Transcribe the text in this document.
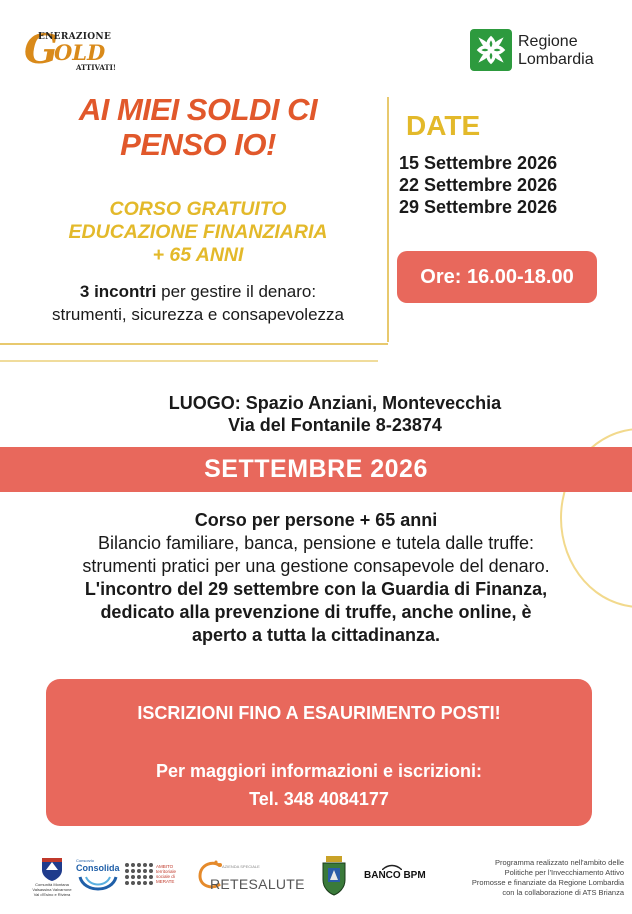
G
ENERAZIONE
OLD
ATTIVATI!
Regione
Lombardia
AI MIEI SOLDI CI
PENSO IO!
CORSO GRATUITO
EDUCAZIONE FINANZIARIA
+ 65 ANNI
3 incontri per gestire il denaro:
strumenti, sicurezza e consapevolezza
DATE
15 Settembre 2026
22 Settembre 2026
29 Settembre 2026
Ore: 16.00-18.00
LUOGO: Spazio Anziani, Montevecchia
Via del Fontanile 8-23874
SETTEMBRE 2026
Corso per persone + 65 anni
Bilancio familiare, banca, pensione e tutela dalle truffe:
strumenti pratici per una gestione consapevole del denaro.
L'incontro del 29 settembre con la Guardia di Finanza,
dedicato alla prevenzione di truffe, anche online, è
aperto a tutta la cittadinanza.
ISCRIZIONI FINO A ESAURIMENTO POSTI!
Per maggiori informazioni e iscrizioni:
Tel. 348 4084177
Comunità Montana
Valsassina Valvarrone
Val d'Esino e Riviera
Consorzio
Consolida	AMBITO
territoriale
sociale di
MERATE
AZIENDA SPECIALE
RETESALUTE
BANCO BPM
Programma realizzato nell'ambito delle
Politiche per l'Invecchiamento Attivo
Promosse e finanziate da Regione Lombardia
con la collaborazione di ATS Brianza
